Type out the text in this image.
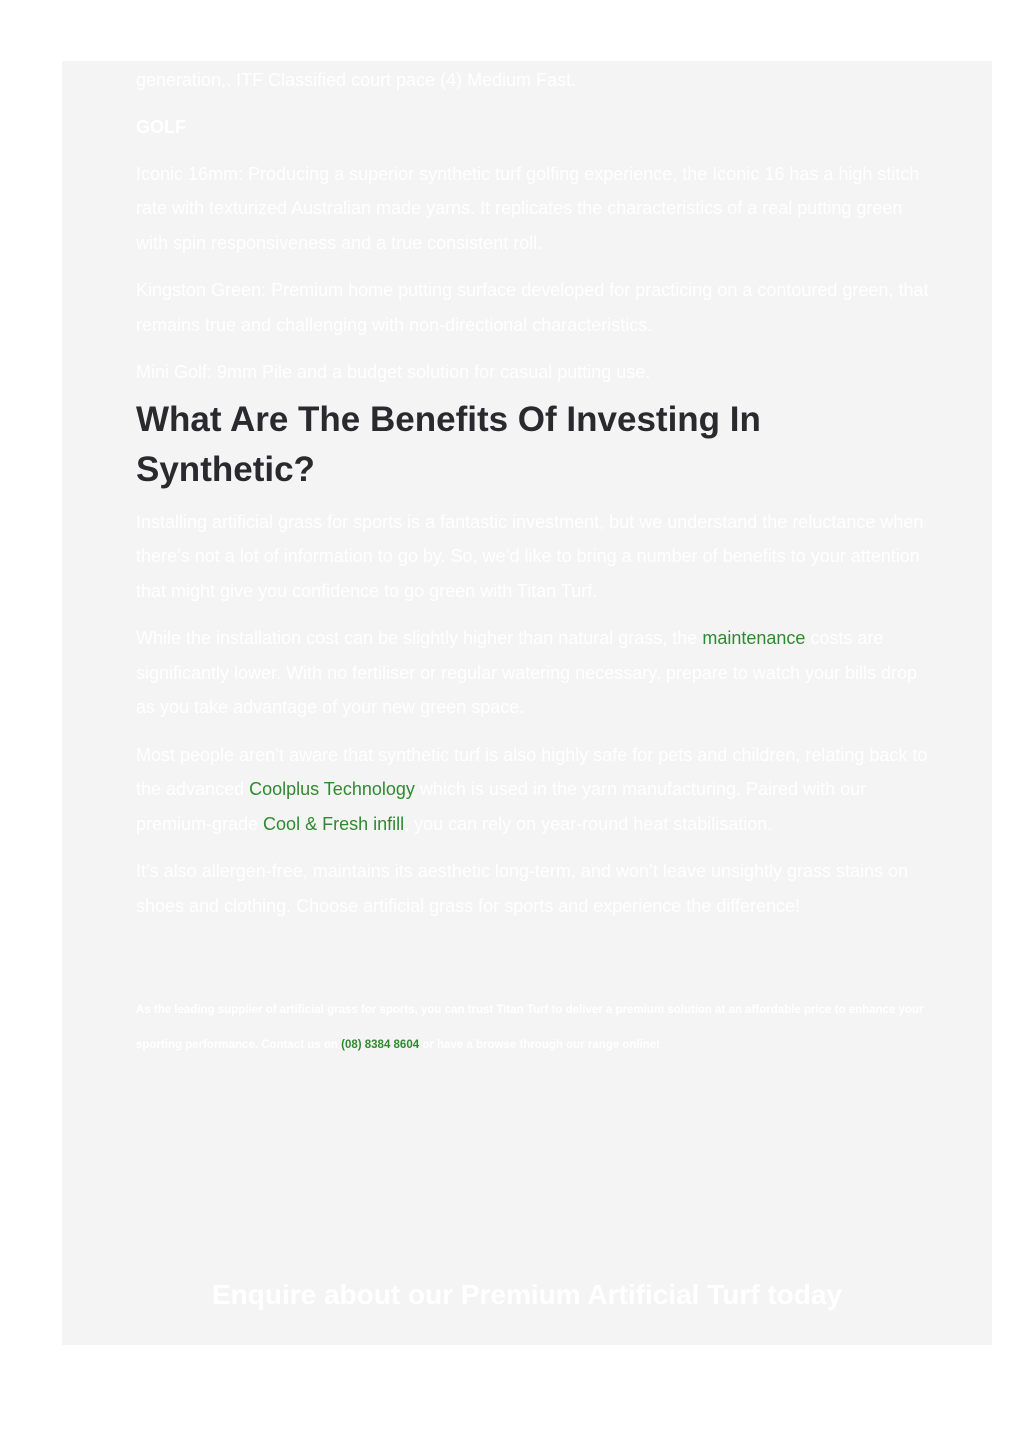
generation,. ITF Classified court pace (4) Medium Fast.

GOLF

Iconic 16mm: Producing a superior synthetic turf golfing experience, the Iconic 16 has a high stitch rate with texturized Australian made yarns. It replicates the characteristics of a real putting green with spin responsiveness and a true consistent roll.

Kingston Green: Premium home putting surface developed for practicing on a contoured green, that remains true and challenging with non-directional characteristics.

Mini Golf: 9mm Pile and a budget solution for casual putting use.

What Are The Benefits Of Investing In Synthetic?

Installing artificial grass for sports is a fantastic investment, but we understand the reluctance when there’s not a lot of information to go by. So, we’d like to bring a number of benefits to your attention that might give you confidence to go green with Titan Turf.

While the installation cost can be slightly higher than natural grass, the maintenance costs are significantly lower. With no fertiliser or regular watering necessary, prepare to watch your bills drop as you take advantage of your new green space.

Most people aren’t aware that synthetic turf is also highly safe for pets and children, relating back to the advanced Coolplus Technology which is used in the yarn manufacturing. Paired with our premium-grade Cool & Fresh infill, you can rely on year-round heat stabilisation.

It’s also allergen-free, maintains its aesthetic long-term, and won’t leave unsightly grass stains on shoes and clothing. Choose artificial grass for sports and experience the difference!

As the leading supplier of artificial grass for sports, you can trust Titan Turf to deliver a premium solution at an affordable price to enhance your sporting performance. Contact us on (08) 8384 8604 or have a browse through our range online!

Enquire about our Premium Artificial Turf today
